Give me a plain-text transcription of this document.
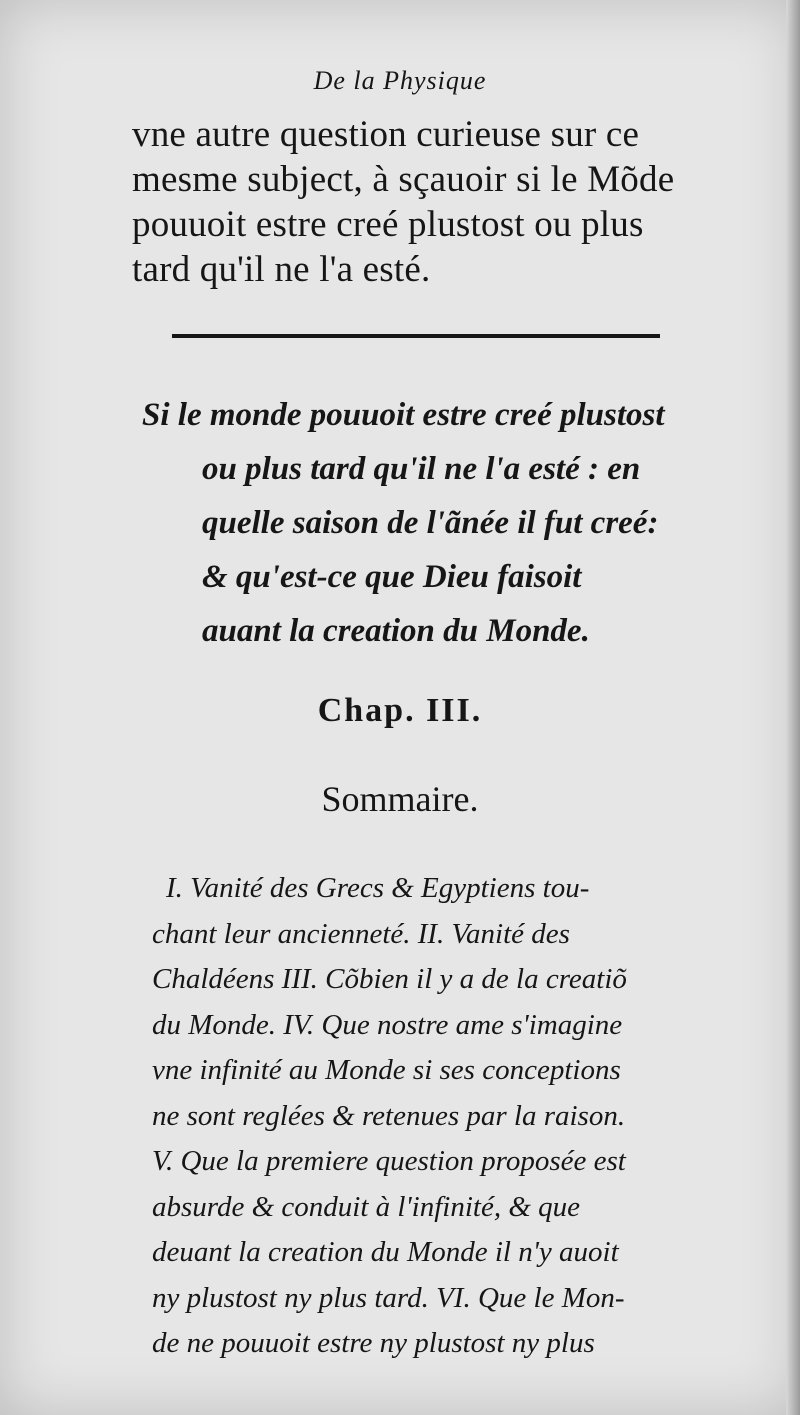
De la Physique
vne autre question curieuse sur ce
mesme subject, à sçauoir si le Mõde
pouuoit estre creé plustost ou plus
tard qu'il ne l'a esté.
Si le monde pouuoit estre creé plustost
ou plus tard qu'il ne l'a esté : en
quelle saison de l'ãnée il fut creé:
& qu'est-ce que Dieu faisoit
auant la creation du Monde.
Chap. III.
Sommaire.
I. Vanité des Grecs & Egyptiens tou-
chant leur ancienneté. II. Vanité des
Chaldéens III. Cõbien il y a de la creatiõ
du Monde. IV. Que nostre ame s'imagine
vne infinité au Monde si ses conceptions
ne sont reglées & retenues par la raison.
V. Que la premiere question proposée est
absurde & conduit à l'infinité, & que
deuant la creation du Monde il n'y auoit
ny plustost ny plus tard. VI. Que le Mon-
de ne pouuoit estre ny plustost ny plus
